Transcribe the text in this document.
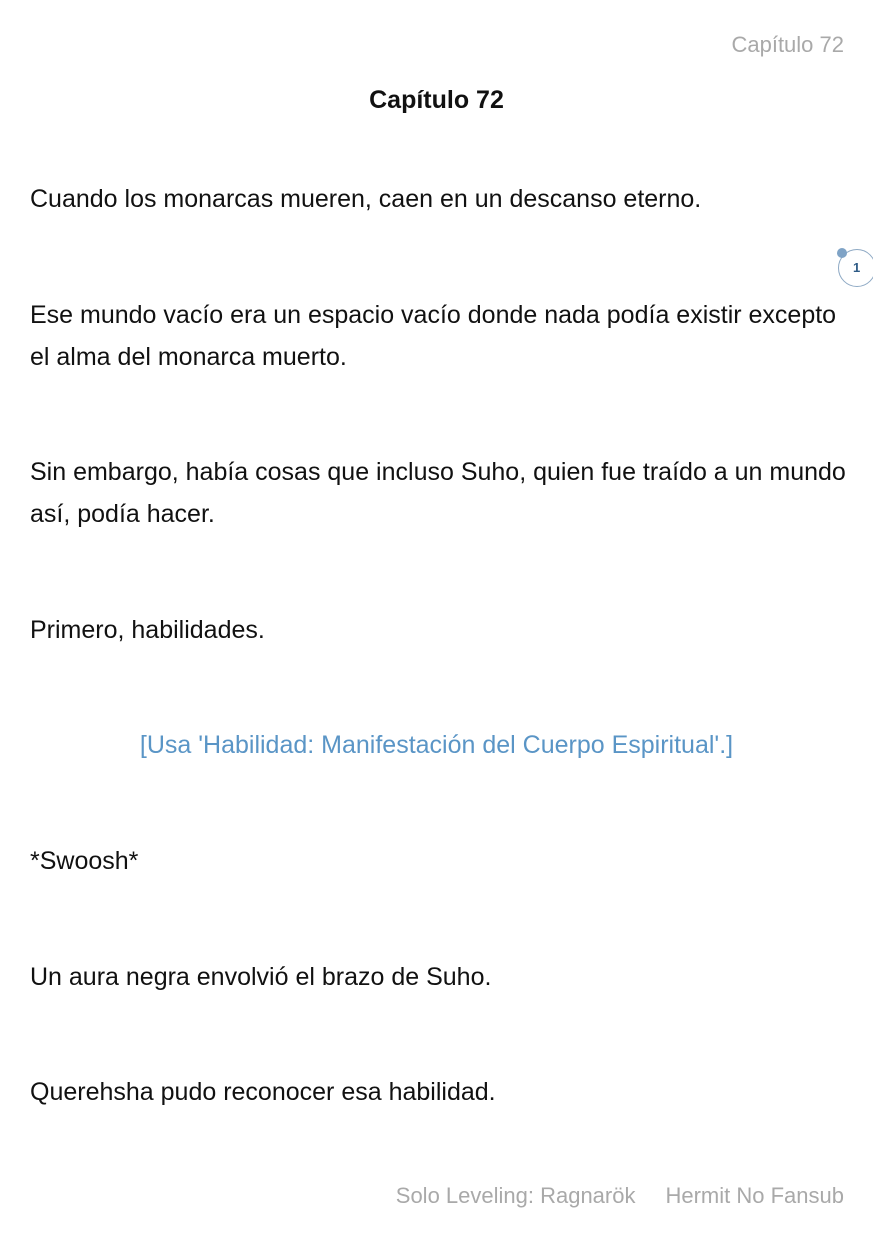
Capítulo 72
Capítulo 72
Cuando los monarcas mueren, caen en un descanso eterno.
1
Ese mundo vacío era un espacio vacío donde nada podía existir excepto el alma del monarca muerto.
Sin embargo, había cosas que incluso Suho, quien fue traído a un mundo así, podía hacer.
Primero, habilidades.
[Usa 'Habilidad: Manifestación del Cuerpo Espiritual'.]
*Swoosh*
Un aura negra envolvió el brazo de Suho.
Querehsha pudo reconocer esa habilidad.
Solo Leveling: Ragnarök Hermit No Fansub
